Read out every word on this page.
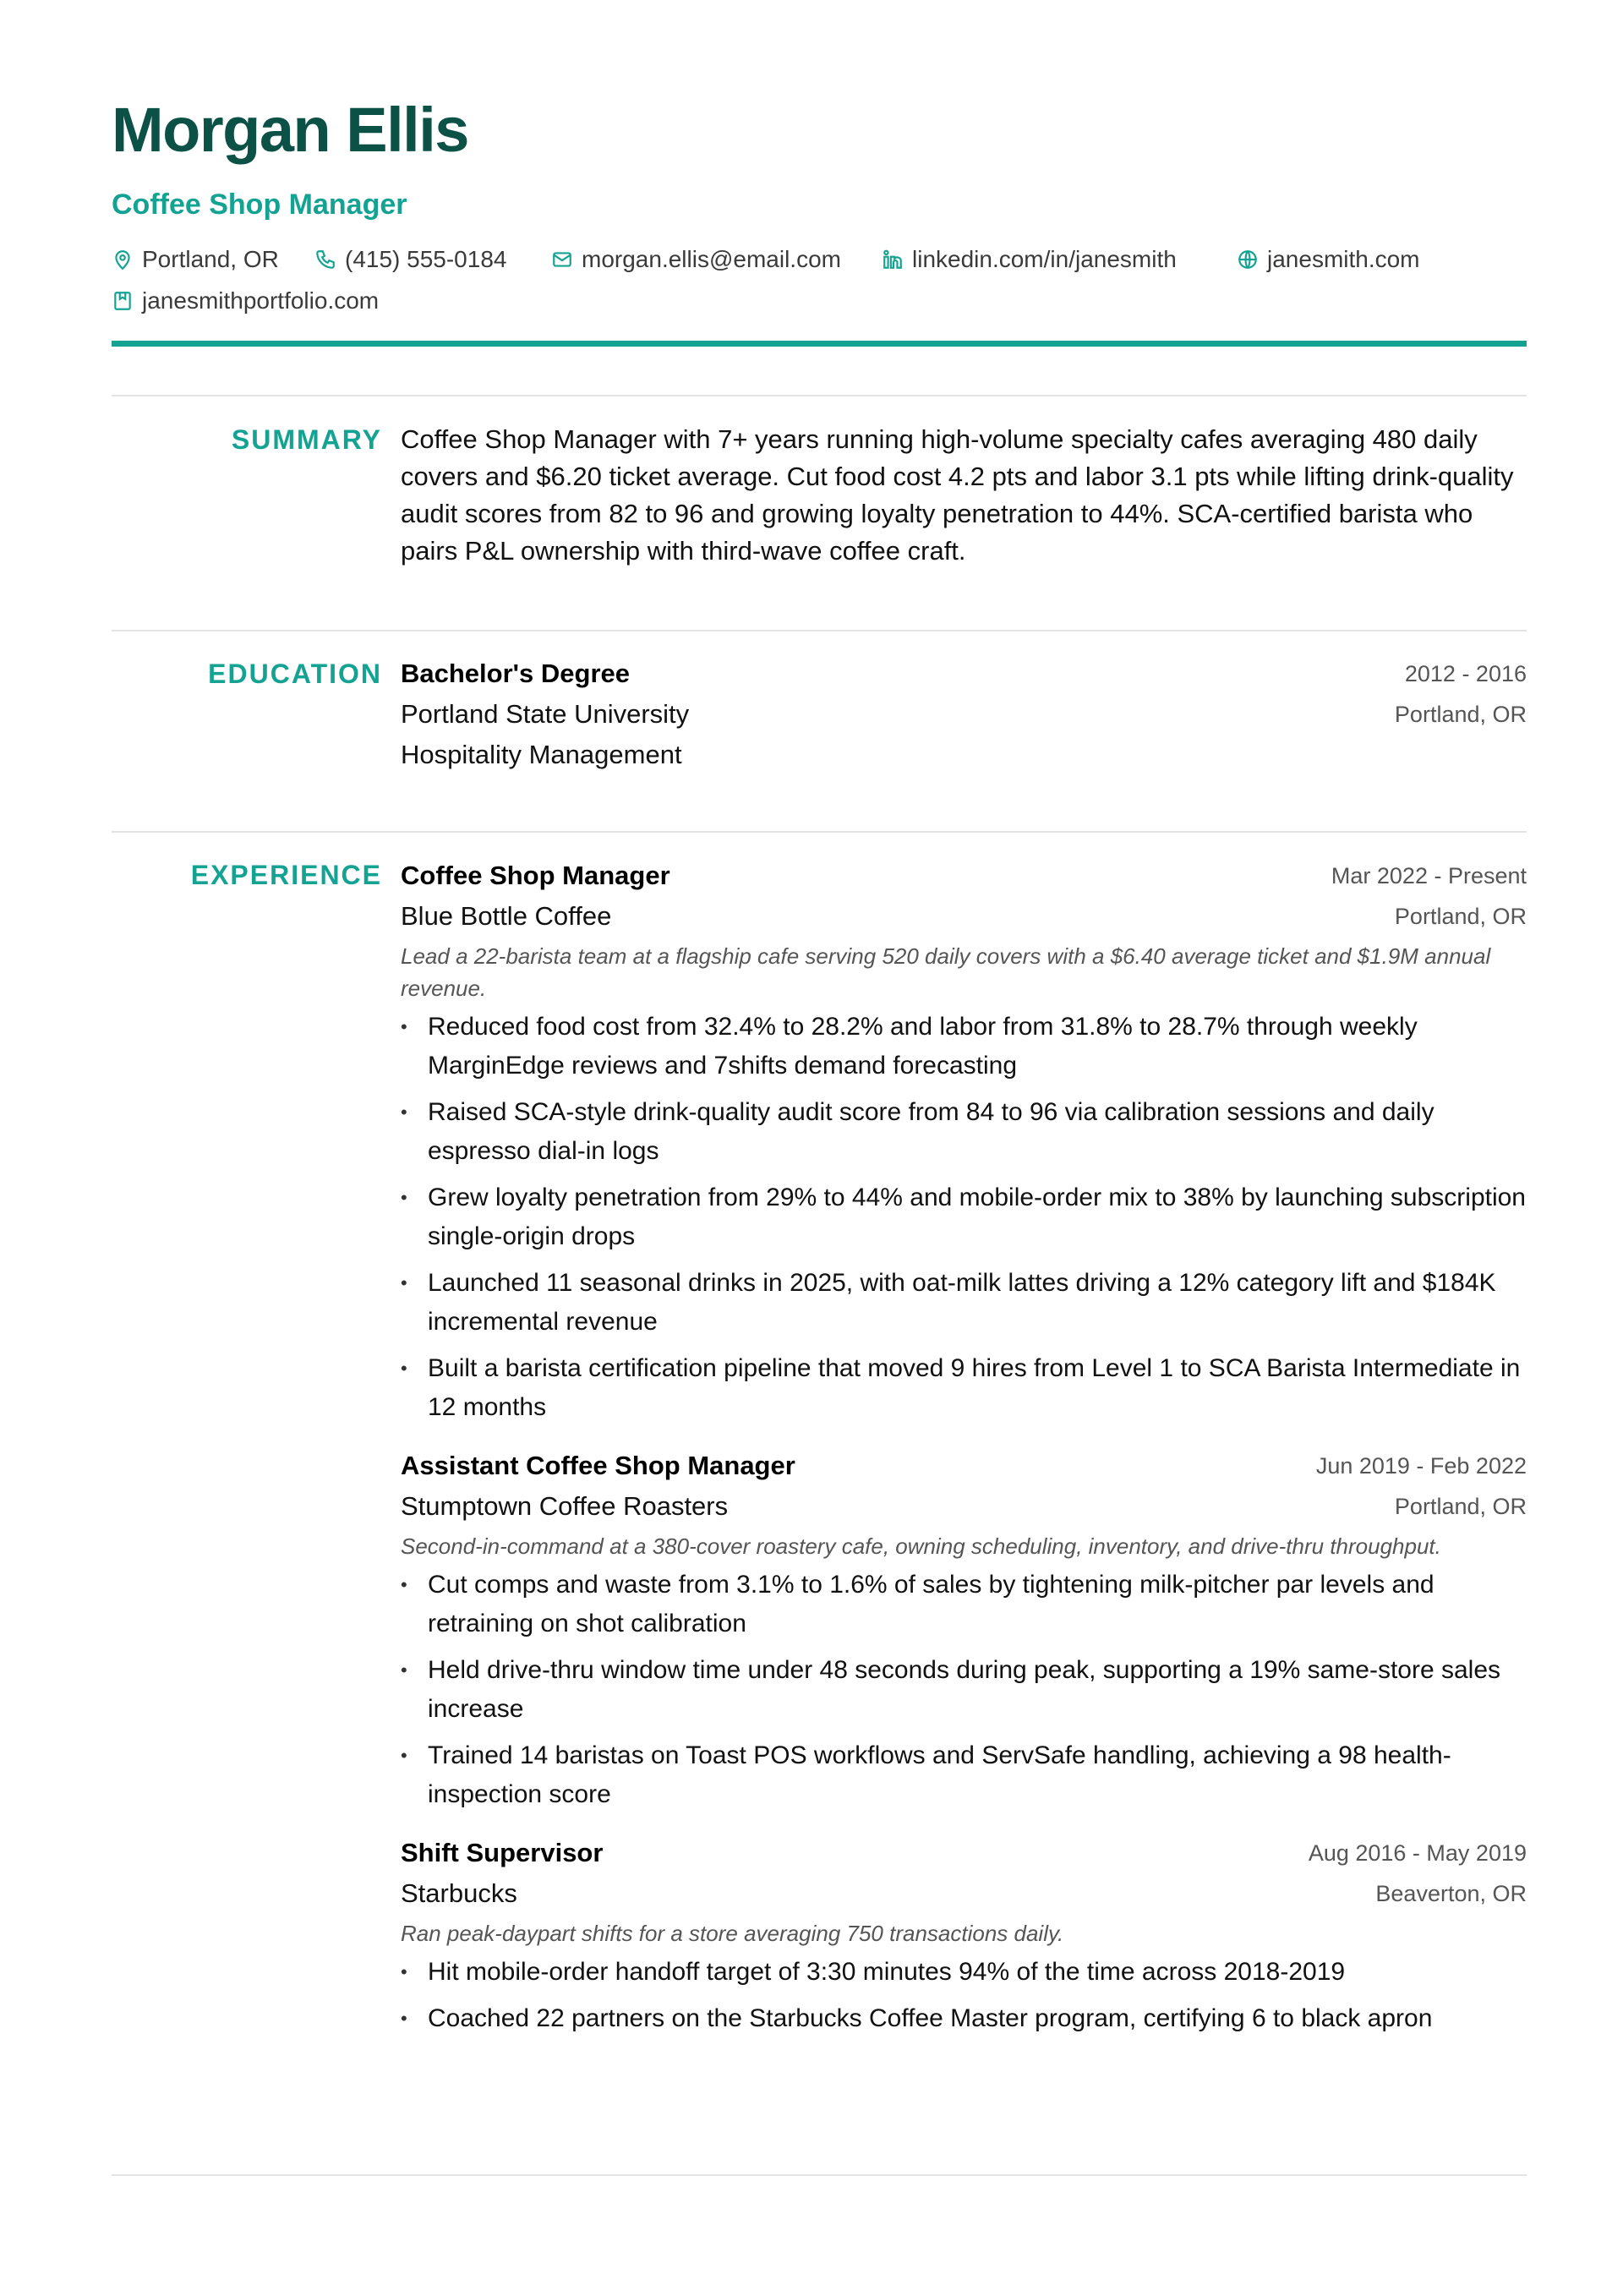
Morgan Ellis
Coffee Shop Manager
Portland, OR	(415) 555-0184	morgan.ellis@email.com	linkedin.com/in/janesmith	janesmith.com
janesmithportfolio.com
SUMMARY Coffee Shop Manager with 7+ years running high-volume specialty cafes averaging 480 daily covers and $6.20 ticket average. Cut food cost 4.2 pts and labor 3.1 pts while lifting drink-quality audit scores from 82 to 96 and growing loyalty penetration to 44%. SCA-certified barista who pairs P&L ownership with third-wave coffee craft.
EDUCATION Bachelor's Degree	2012 - 2016
Portland State University	Portland, OR
Hospitality Management
EXPERIENCE Coffee Shop Manager	Mar 2022 - Present
Blue Bottle Coffee	Portland, OR
Lead a 22-barista team at a flagship cafe serving 520 daily covers with a $6.40 average ticket and $1.9M annual revenue.
• Reduced food cost from 32.4% to 28.2% and labor from 31.8% to 28.7% through weekly MarginEdge reviews and 7shifts demand forecasting
• Raised SCA-style drink-quality audit score from 84 to 96 via calibration sessions and daily espresso dial-in logs
• Grew loyalty penetration from 29% to 44% and mobile-order mix to 38% by launching subscription single-origin drops
• Launched 11 seasonal drinks in 2025, with oat-milk lattes driving a 12% category lift and $184K incremental revenue
• Built a barista certification pipeline that moved 9 hires from Level 1 to SCA Barista Intermediate in 12 months
Assistant Coffee Shop Manager	Jun 2019 - Feb 2022
Stumptown Coffee Roasters	Portland, OR
Second-in-command at a 380-cover roastery cafe, owning scheduling, inventory, and drive-thru throughput.
• Cut comps and waste from 3.1% to 1.6% of sales by tightening milk-pitcher par levels and retraining on shot calibration
• Held drive-thru window time under 48 seconds during peak, supporting a 19% same-store sales increase
• Trained 14 baristas on Toast POS workflows and ServSafe handling, achieving a 98 health-inspection score
Shift Supervisor	Aug 2016 - May 2019
Starbucks	Beaverton, OR
Ran peak-daypart shifts for a store averaging 750 transactions daily.
• Hit mobile-order handoff target of 3:30 minutes 94% of the time across 2018-2019
• Coached 22 partners on the Starbucks Coffee Master program, certifying 6 to black apron
